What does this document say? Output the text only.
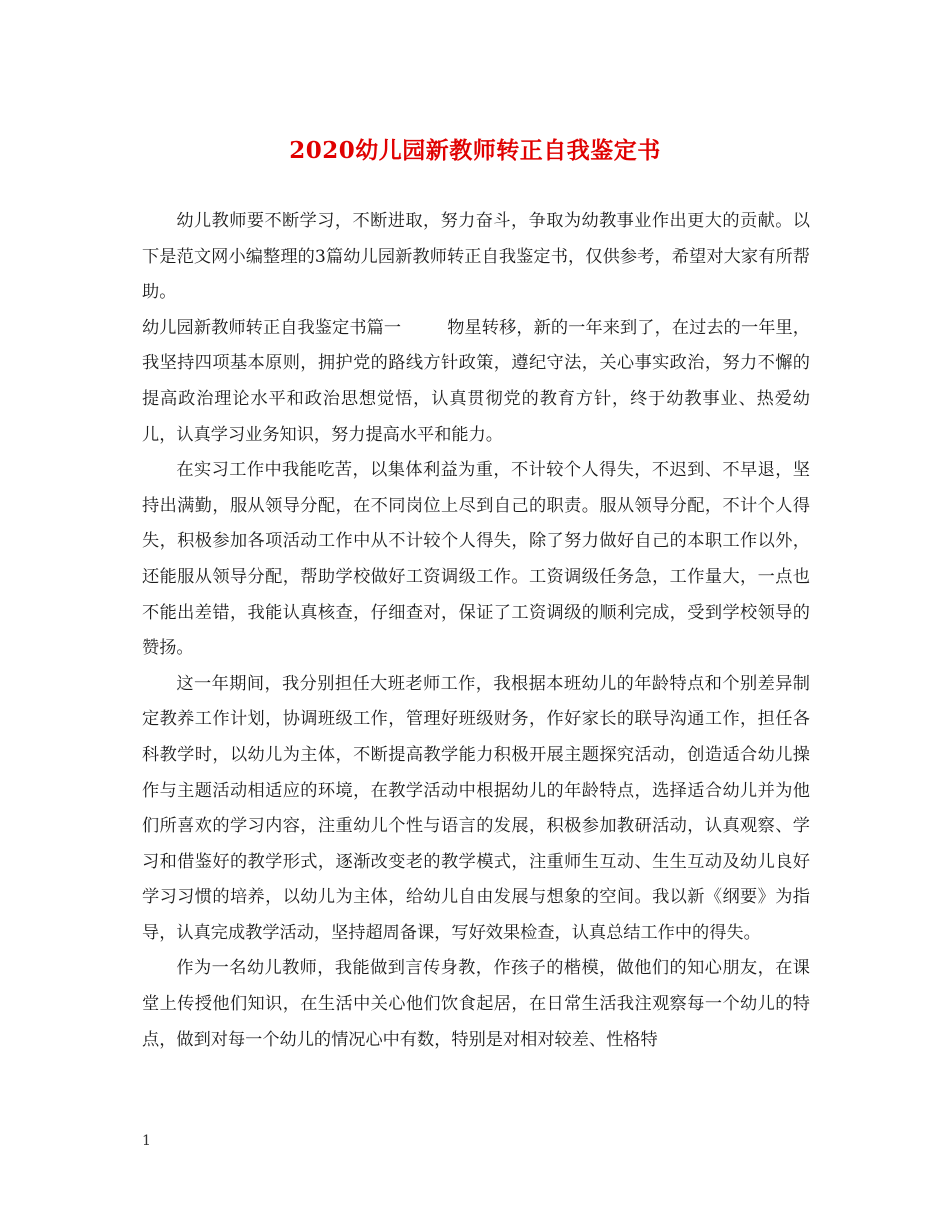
2020幼儿园新教师转正自我鉴定书

幼儿教师要不断学习，不断进取，努力奋斗，争取为幼教事业作出更大的贡献。以下是范文网小编整理的3篇幼儿园新教师转正自我鉴定书，仅供参考，希望对大家有所帮助。

幼儿园新教师转正自我鉴定书篇一	物星转移，新的一年来到了，在过去的一年里，我坚持四项基本原则，拥护党的路线方针政策，遵纪守法，关心事实政治，努力不懈的提高政治理论水平和政治思想觉悟，认真贯彻党的教育方针，终于幼教事业、热爱幼儿，认真学习业务知识，努力提高水平和能力。

在实习工作中我能吃苦，以集体利益为重，不计较个人得失，不迟到、不早退，坚持出满勤，服从领导分配，在不同岗位上尽到自己的职责。服从领导分配，不计个人得失，积极参加各项活动工作中从不计较个人得失，除了努力做好自己的本职工作以外，还能服从领导分配，帮助学校做好工资调级工作。工资调级任务急，工作量大，一点也不能出差错，我能认真核查，仔细查对，保证了工资调级的顺利完成，受到学校领导的赞扬。

这一年期间，我分别担任大班老师工作，我根据本班幼儿的年龄特点和个别差异制定教养工作计划，协调班级工作，管理好班级财务，作好家长的联导沟通工作，担任各科教学时，以幼儿为主体，不断提高教学能力积极开展主题探究活动，创造适合幼儿操作与主题活动相适应的环境，在教学活动中根据幼儿的年龄特点，选择适合幼儿并为他们所喜欢的学习内容，注重幼儿个性与语言的发展，积极参加教研活动，认真观察、学习和借鉴好的教学形式，逐渐改变老的教学模式，注重师生互动、生生互动及幼儿良好学习习惯的培养，以幼儿为主体，给幼儿自由发展与想象的空间。我以新《纲要》为指导，认真完成教学活动，坚持超周备课，写好效果检查，认真总结工作中的得失。

作为一名幼儿教师，我能做到言传身教，作孩子的楷模，做他们的知心朋友，在课堂上传授他们知识，在生活中关心他们饮食起居，在日常生活我注观察每一个幼儿的特点，做到对每一个幼儿的情况心中有数，特别是对相对较差、性格特

1
